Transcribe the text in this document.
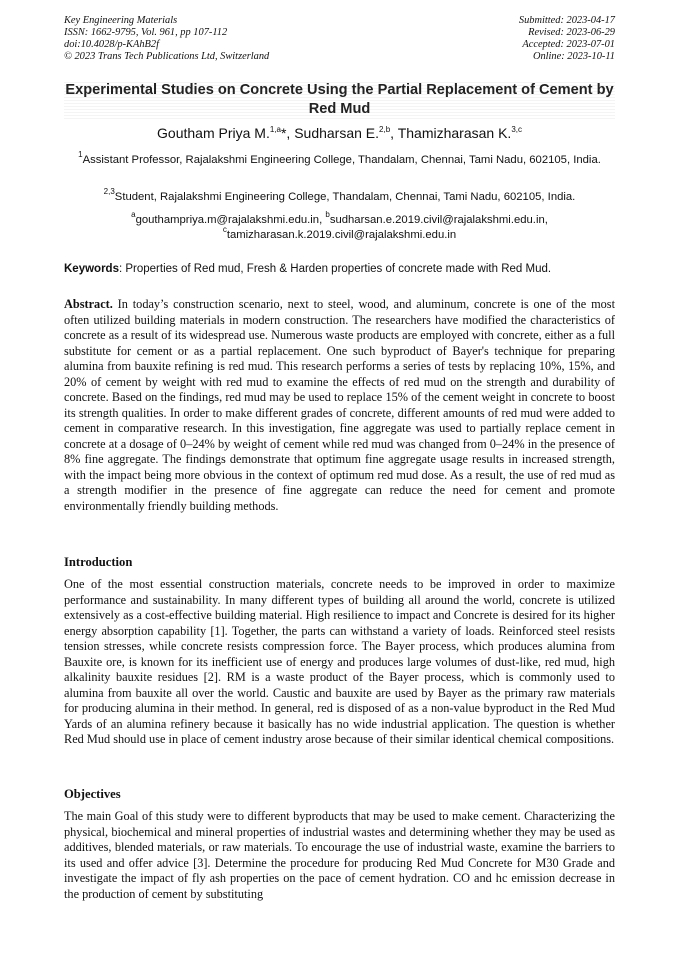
Key Engineering Materials
ISSN: 1662-9795, Vol. 961, pp 107-112
doi:10.4028/p-KAhB2f
© 2023 Trans Tech Publications Ltd, Switzerland
Submitted: 2023-04-17
Revised: 2023-06-29
Accepted: 2023-07-01
Online: 2023-10-11
Experimental Studies on Concrete Using the Partial Replacement of Cement by Red Mud
Goutham Priya M.$^{1,a}$*, Sudharsan E.$^{2,b}$, Thamizharasan K.$^{3,c}$
$^1$Assistant Professor, Rajalakshmi Engineering College, Thandalam, Chennai, Tami Nadu, 602105, India.
$^{2,3}$Student, Rajalakshmi Engineering College, Thandalam, Chennai, Tami Nadu, 602105, India.
$^a$gouthampriya.m@rajalakshmi.edu.in, $^b$sudharsan.e.2019.civil@rajalakshmi.edu.in,
$^c$tamizharasan.k.2019.civil@rajalakshmi.edu.in
Keywords: Properties of Red mud, Fresh & Harden properties of concrete made with Red Mud.
Abstract. In today’s construction scenario, next to steel, wood, and aluminum, concrete is one of the most often utilized building materials in modern construction. The researchers have modified the characteristics of concrete as a result of its widespread use. Numerous waste products are employed with concrete, either as a full substitute for cement or as a partial replacement. One such byproduct of Bayer's technique for preparing alumina from bauxite refining is red mud. This research performs a series of tests by replacing 10%, 15%, and 20% of cement by weight with red mud to examine the effects of red mud on the strength and durability of concrete. Based on the findings, red mud may be used to replace 15% of the cement weight in concrete to boost its strength qualities. In order to make different grades of concrete, different amounts of red mud were added to cement in comparative research. In this investigation, fine aggregate was used to partially replace cement in concrete at a dosage of 0–24% by weight of cement while red mud was changed from 0–24% in the presence of 8% fine aggregate. The findings demonstrate that optimum fine aggregate usage results in increased strength, with the impact being more obvious in the context of optimum red mud dose. As a result, the use of red mud as a strength modifier in the presence of fine aggregate can reduce the need for cement and promote environmentally friendly building methods.
Introduction
One of the most essential construction materials, concrete needs to be improved in order to maximize performance and sustainability. In many different types of building all around the world, concrete is utilized extensively as a cost-effective building material. High resilience to impact and Concrete is desired for its higher energy absorption capability [1]. Together, the parts can withstand a variety of loads. Reinforced steel resists tension stresses, while concrete resists compression force. The Bayer process, which produces alumina from Bauxite ore, is known for its inefficient use of energy and produces large volumes of dust-like, red mud, high alkalinity bauxite residues [2]. RM is a waste product of the Bayer process, which is commonly used to alumina from bauxite all over the world. Caustic and bauxite are used by Bayer as the primary raw materials for producing alumina in their method. In general, red is disposed of as a non-value byproduct in the Red Mud Yards of an alumina refinery because it basically has no wide industrial application. The question is whether Red Mud should use in place of cement industry arose because of their similar identical chemical compositions.
Objectives
The main Goal of this study were to different byproducts that may be used to make cement. Characterizing the physical, biochemical and mineral properties of industrial wastes and determining whether they may be used as additives, blended materials, or raw materials. To encourage the use of industrial waste, examine the barriers to its used and offer advice [3]. Determine the procedure for producing Red Mud Concrete for M30 Grade and investigate the impact of fly ash properties on the pace of cement hydration. CO and hc emission decrease in the production of cement by substituting
